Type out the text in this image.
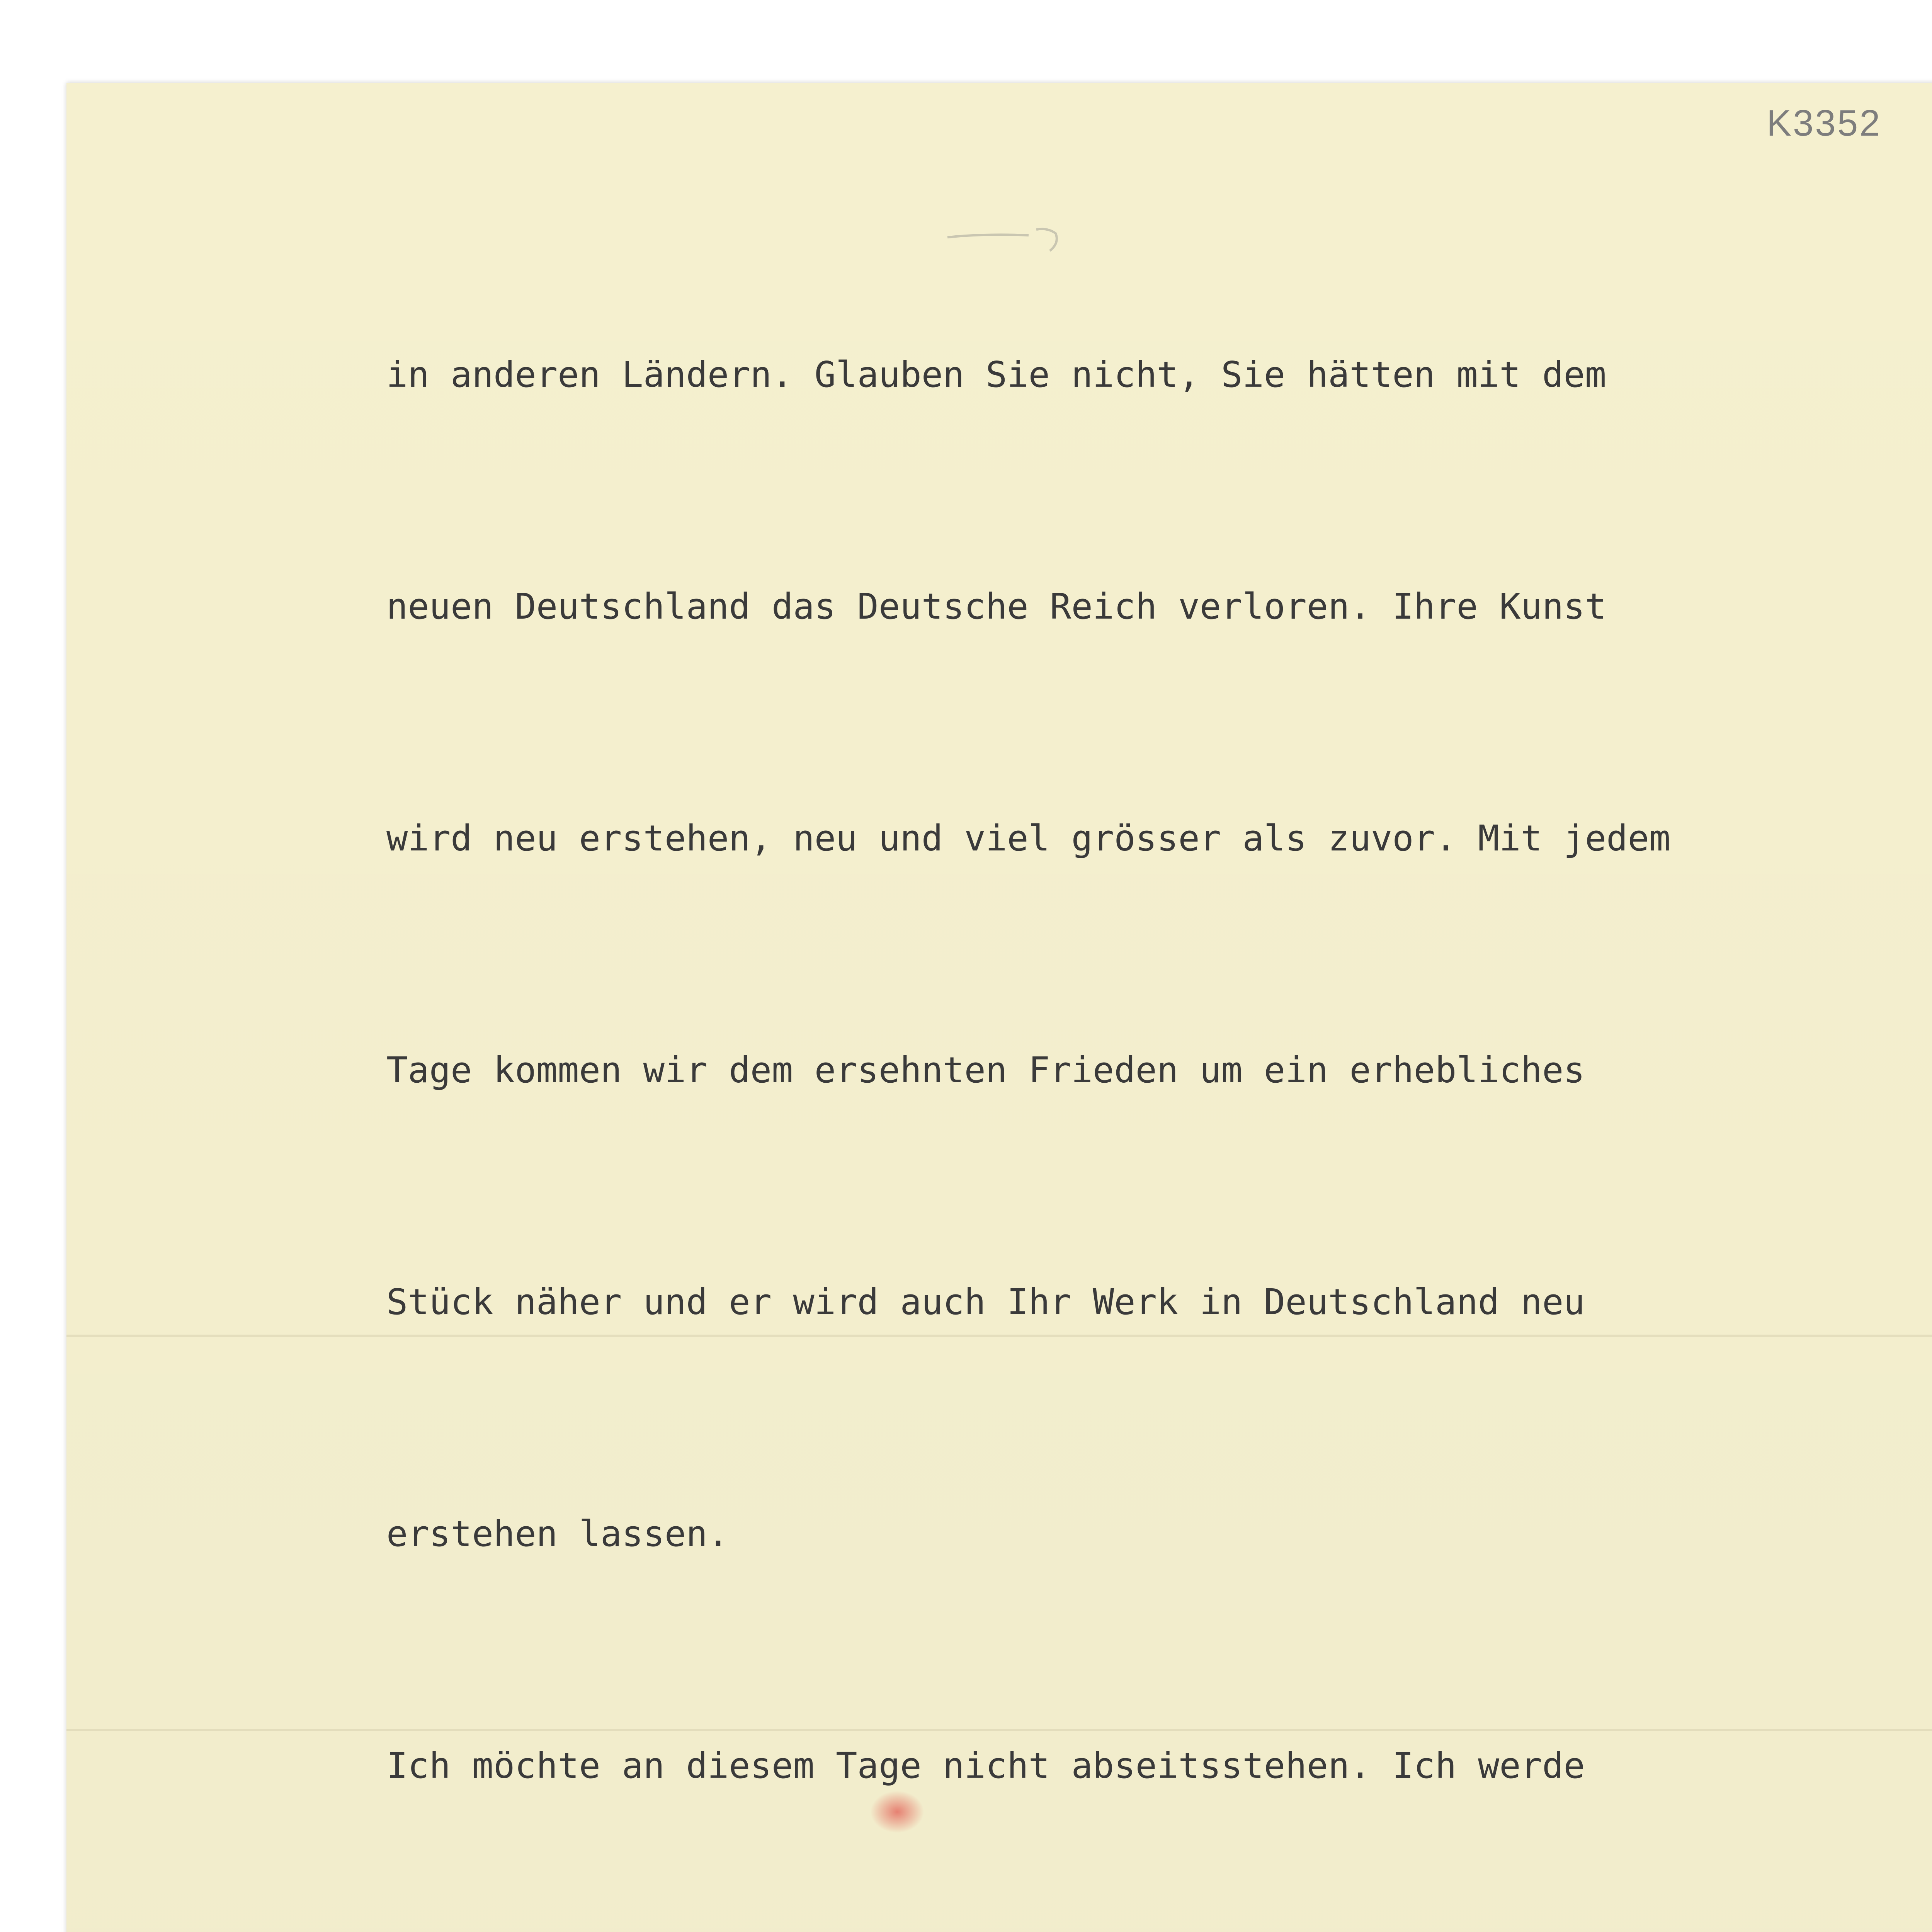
K3352

in anderen Ländern. Glauben Sie nicht, Sie hätten mit dem

neuen Deutschland das Deutsche Reich verloren. Ihre Kunst

wird neu erstehen, neu und viel grösser als zuvor. Mit jedem

Tage kommen wir dem ersehnten Frieden um ein erhebliches

Stück näher und er wird auch Ihr Werk in Deutschland neu

erstehen lassen.

Ich möchte an diesem Tage nicht abseitsstehen. Ich werde
